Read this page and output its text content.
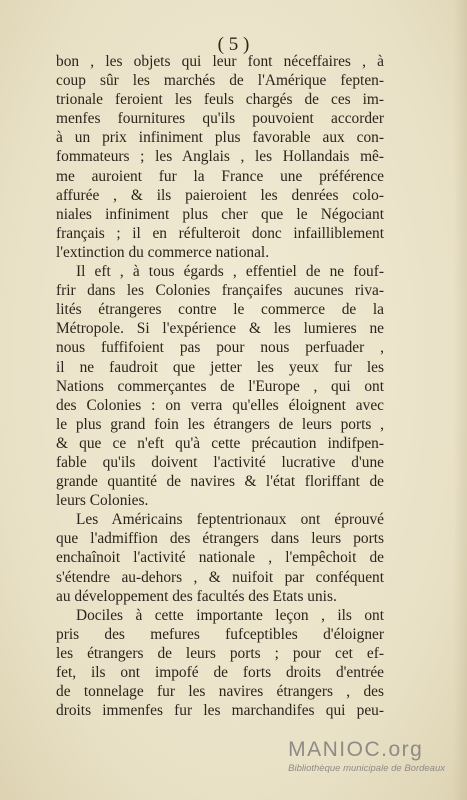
( 5 )

bon , les objets qui leur font néceffaires , à
coup sûr les marchés de l'Amérique fepten-
trionale feroient les feuls chargés de ces im-
menfes fournitures qu'ils pouvoient accorder
à un prix infiniment plus favorable aux con-
fommateurs ; les Anglais , les Hollandais mê-
me auroient fur la France une préférence
affurée , & ils paieroient les denrées colo-
niales infiniment plus cher que le Négociant
français ; il en réfulteroit donc infailliblement
l'extinction du commerce national.

Il eft , à tous égards , effentiel de ne fouf-
frir dans les Colonies françaifes aucunes riva-
lités étrangeres contre le commerce de la
Métropole. Si l'expérience & les lumieres ne
nous fuffifoient pas pour nous perfuader ,
il ne faudroit que jetter les yeux fur les
Nations commerçantes de l'Europe , qui ont
des Colonies : on verra qu'elles éloignent avec
le plus grand foin les étrangers de leurs ports ,
& que ce n'eft qu'à cette précaution indifpen-
fable qu'ils doivent l'activité lucrative d'une
grande quantité de navires & l'état floriffant de
leurs Colonies.

Les Américains feptentrionaux ont éprouvé
que l'admiffion des étrangers dans leurs ports
enchaînoit l'activité nationale , l'empêchoit de
s'étendre au-dehors , & nuifoit par conféquent
au développement des facultés des Etats unis.

Dociles à cette importante leçon , ils ont
pris des mefures fufceptibles d'éloigner
les étrangers de leurs ports ; pour cet ef-
fet, ils ont impofé de forts droits d'entrée
de tonnelage fur les navires étrangers , des
droits immenfes fur les marchandifes qui peu-

MANIOC.org
Bibliothèque municipale de Bordeaux
